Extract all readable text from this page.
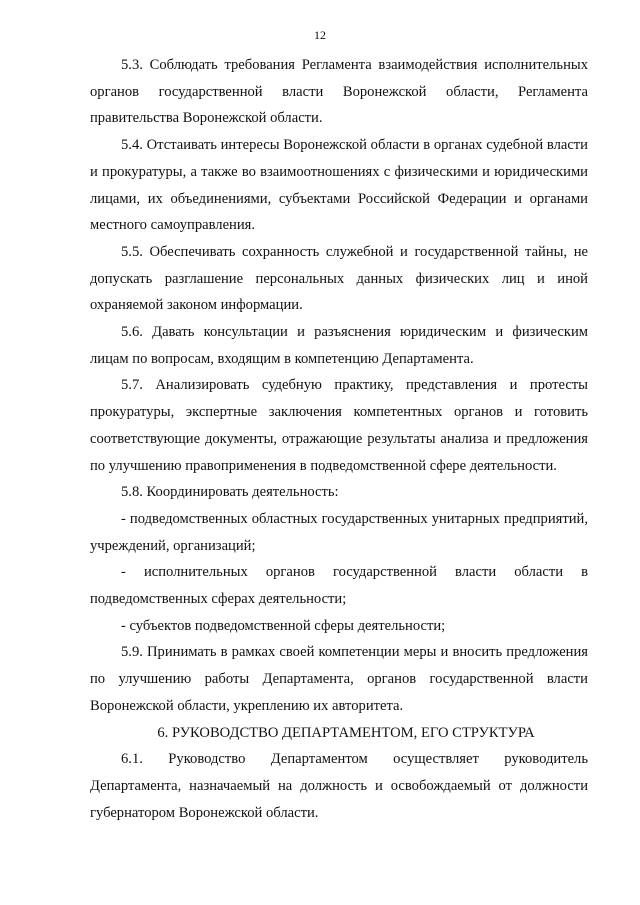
12

5.3. Соблюдать требования Регламента взаимодействия исполнительных органов государственной власти Воронежской области, Регламента правительства Воронежской области.

5.4. Отстаивать интересы Воронежской области в органах судебной власти и прокуратуры, а также во взаимоотношениях с физическими и юридическими лицами, их объединениями, субъектами Российской Федерации и органами местного самоуправления.

5.5. Обеспечивать сохранность служебной и государственной тайны, не допускать разглашение персональных данных физических лиц и иной охраняемой законом информации.

5.6. Давать консультации и разъяснения юридическим и физическим лицам по вопросам, входящим в компетенцию Департамента.

5.7. Анализировать судебную практику, представления и протесты прокуратуры, экспертные заключения компетентных органов и готовить соответствующие документы, отражающие результаты анализа и предложения по улучшению правоприменения в подведомственной сфере деятельности.

5.8. Координировать деятельность:

- подведомственных областных государственных унитарных предприятий, учреждений, организаций;

- исполнительных органов государственной власти области в подведомственных сферах деятельности;

- субъектов подведомственной сферы деятельности;

5.9. Принимать в рамках своей компетенции меры и вносить предложения по улучшению работы Департамента, органов государственной власти Воронежской области, укреплению их авторитета.

6. РУКОВОДСТВО ДЕПАРТАМЕНТОМ, ЕГО СТРУКТУРА

6.1. Руководство Департаментом осуществляет руководитель Департамента, назначаемый на должность и освобождаемый от должности губернатором Воронежской области.
